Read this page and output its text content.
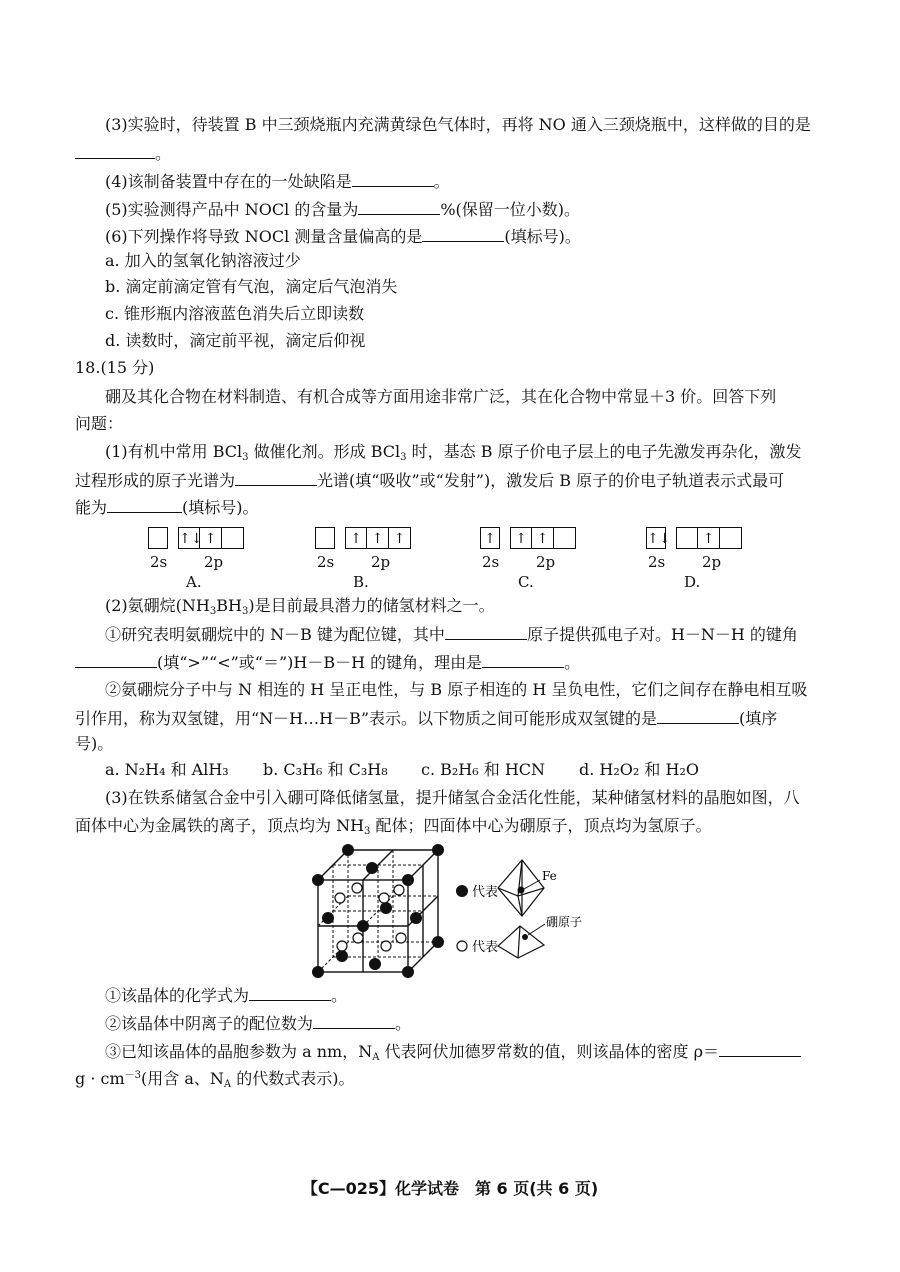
(3)实验时，待装置 B 中三颈烧瓶内充满黄绿色气体时，再将 NO 通入三颈烧瓶中，这样做的目的是
。
(4)该制备装置中存在的一处缺陷是	。
(5)实验测得产品中 NOCl 的含量为	%(保留一位小数)。
(6)下列操作将导致 NOCl 测量含量偏高的是	(填标号)。
a. 加入的氢氧化钠溶液过少
b. 滴定前滴定管有气泡，滴定后气泡消失
c. 锥形瓶内溶液蓝色消失后立即读数
d. 读数时，滴定前平视，滴定后仰视
18.(15 分)
硼及其化合物在材料制造、有机合成等方面用途非常广泛，其在化合物中常显＋3 价。回答下列
问题：
(1)有机中常用 BCl$_3$ 做催化剂。形成 BCl$_3$ 时，基态 B 原子价电子层上的电子先激发再杂化，激发
过程形成的原子光谱为	光谱(填“吸收”或“发射”)，激发后 B 原子的价电子轨道表示式最可
能为	(填标号)。
↑↓ ↑
2s 2p
A.
↑ ↑ ↑
2s 2p
B.
↑	↑ ↑
2s 2p
C.
↑↓	↑
2s 2p
D.
(2)氨硼烷$(NH_3BH_3)$是目前最具潜力的储氢材料之一。
①研究表明氨硼烷中的 N－B 键为配位键，其中	原子提供孤电子对。H－N－H 的键角
(填“>”“<”或“＝”)H－B－H 的键角，理由是	。
②氨硼烷分子中与 N 相连的 H 呈正电性，与 B 原子相连的 H 呈负电性，它们之间存在静电相互吸
引作用，称为双氢键，用“N－H…H－B”表示。以下物质之间可能形成双氢键的是	(填序
号)。
a. N₂H₄ 和 AlH₃ b. C₃H₆ 和 C₃H₈ c. B₂H₆ 和 HCN d. H₂O₂ 和 H₂O
(3)在铁系储氢合金中引入硼可降低储氢量，提升储氢合金活化性能，某种储氢材料的晶胞如图，八
面体中心为金属铁的离子，顶点均为 $NH_3$ 配体；四面体中心为硼原子，顶点均为氢原子。
代表
代表
Fe
硼原子
①该晶体的化学式为	。
②该晶体中阴离子的配位数为	。
③已知该晶体的晶胞参数为 a nm，$N_A$ 代表阿伏加德罗常数的值，则该晶体的密度 ρ＝
$g \cdot cm^{-3}$(用含 a、$N_A$ 的代数式表示)。
【C—025】化学试卷　第 6 页(共 6 页)
